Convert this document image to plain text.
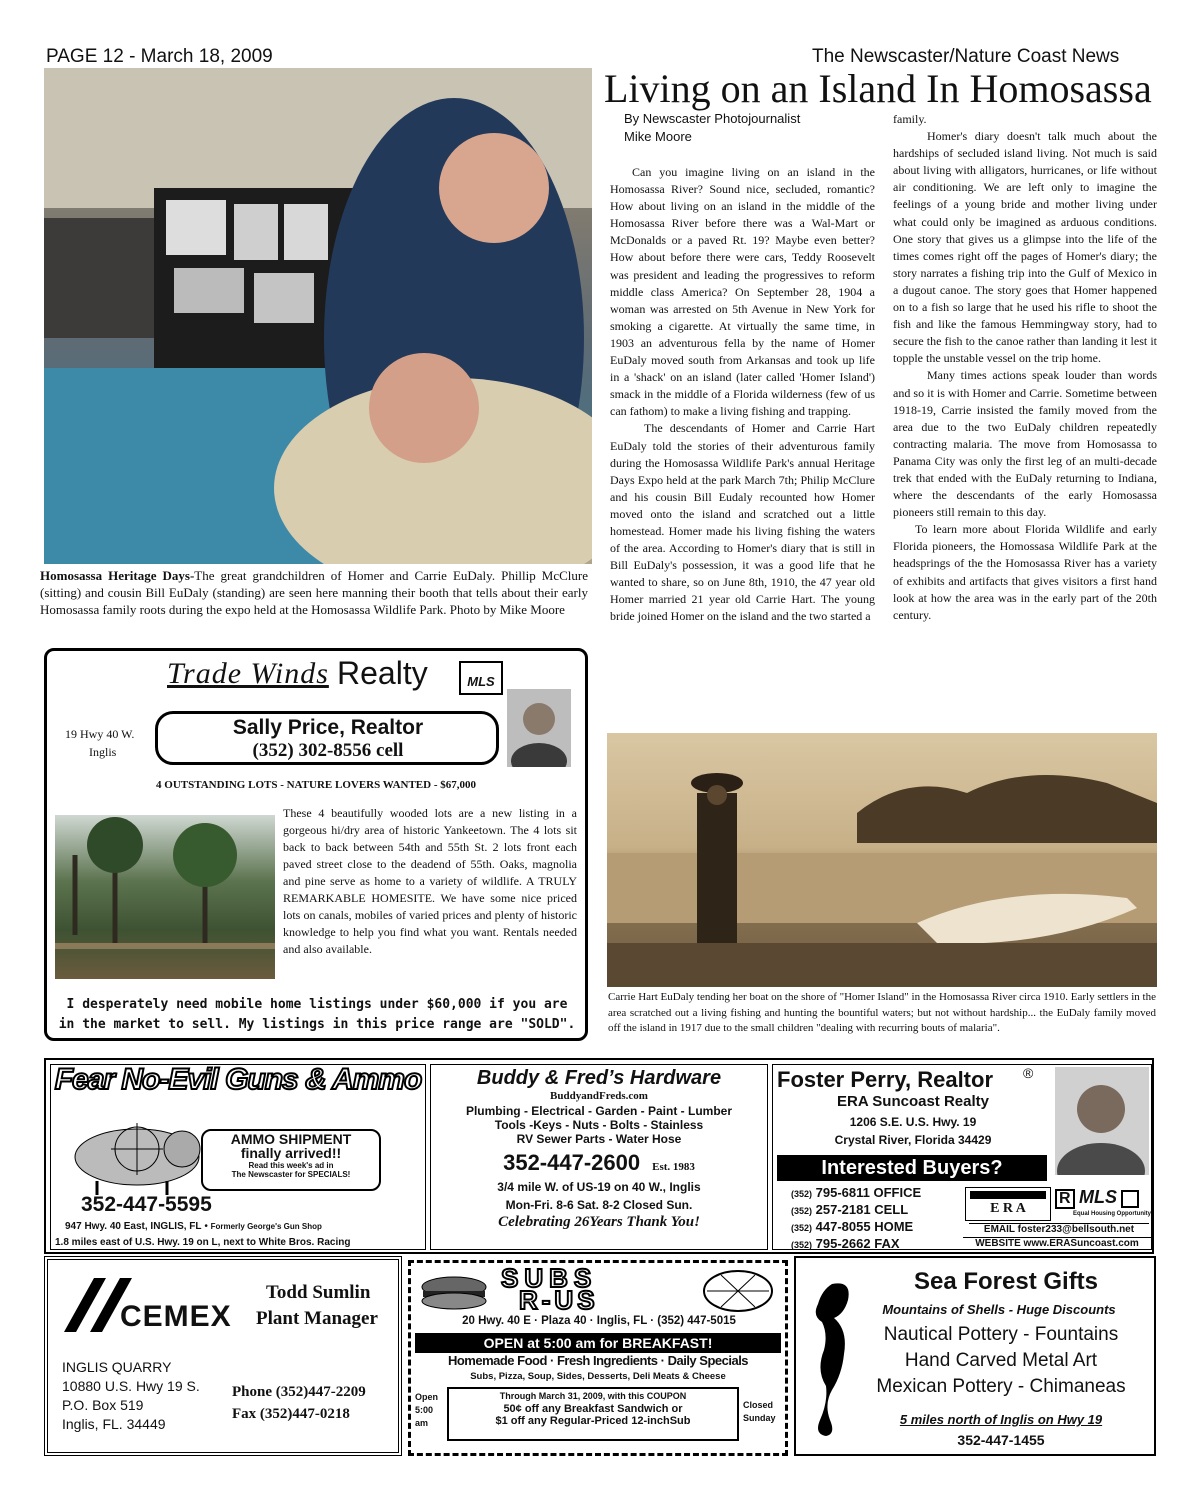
PAGE 12 - March 18, 2009	The Newscaster/Nature Coast News
Homosassa Heritage Days-The great grandchildren of Homer and Carrie EuDaly. Phillip McClure (sitting) and cousin Bill EuDaly (standing) are seen here manning their booth that tells about their early Homosassa family roots during the expo held at the Homosassa Wildlife Park. Photo by Mike Moore
Living on an Island In Homosassa
By Newscaster Photojournalist
Mike Moore

Can you imagine living on an island in the Homosassa River? Sound nice, secluded, romantic? How about living on an island in the middle of the Homosassa River before there was a Wal-Mart or McDonalds or a paved Rt. 19? Maybe even better? How about before there were cars, Teddy Roosevelt was president and leading the progressives to reform middle class America? On September 28, 1904 a woman was arrested on 5th Avenue in New York for smoking a cigarette. At virtually the same time, in 1903 an adventurous fella by the name of Homer EuDaly moved south from Arkansas and took up life in a 'shack' on an island (later called 'Homer Island') smack in the middle of a Florida wilderness (few of us can fathom) to make a living fishing and trapping.

The descendants of Homer and Carrie Hart EuDaly told the stories of their adventurous family during the Homosassa Wildlife Park's annual Heritage Days Expo held at the park March 7th; Philip McClure and his cousin Bill Eudaly recounted how Homer moved onto the island and scratched out a little homestead. Homer made his living fishing the waters of the area. According to Homer's diary that is still in Bill EuDaly's possession, it was a good life that he wanted to share, so on June 8th, 1910, the 47 year old Homer married 21 year old Carrie Hart. The young bride joined Homer on the island and the two started a

family.

Homer's diary doesn't talk much about the hardships of secluded island living. Not much is said about living with alligators, hurricanes, or life without air conditioning. We are left only to imagine the feelings of a young bride and mother living under what could only be imagined as arduous conditions. One story that gives us a glimpse into the life of the times comes right off the pages of Homer's diary; the story narrates a fishing trip into the Gulf of Mexico in a dugout canoe. The story goes that Homer happened on to a fish so large that he used his rifle to shoot the fish and like the famous Hemmingway story, had to secure the fish to the canoe rather than landing it lest it topple the unstable vessel on the trip home.

Many times actions speak louder than words and so it is with Homer and Carrie. Sometime between 1918-19, Carrie insisted the family moved from the area due to the two EuDaly children repeatedly contracting malaria. The move from Homosassa to Panama City was only the first leg of an multi-decade trek that ended with the EuDaly returning to Indiana, where the descendants of the early Homosassa pioneers still remain to this day.

To learn more about Florida Wildlife and early Florida pioneers, the Homossasa Wildlife Park at the headsprings of the the Homosassa River has a variety of exhibits and artifacts that gives visitors a first hand look at how the area was in the early part of the 20th century.

Carrie Hart EuDaly tending her boat on the shore of "Homer Island" in the Homosassa River circa 1910. Early settlers in the area scratched out a living fishing and hunting the bountiful waters; but not without hardship... the EuDaly family moved off the island in 1917 due to the small children "dealing with recurring bouts of malaria".
Trade Winds Realty	MLS
19 Hwy 40 W.
Inglis
Sally Price, Realtor
(352) 302-8556 cell
4 OUTSTANDING LOTS - NATURE LOVERS WANTED - $67,000
These 4 beautifully wooded lots are a new listing in a gorgeous hi/dry area of historic Yankeetown. The 4 lots sit back to back between 54th and 55th St. 2 lots front each paved street close to the deadend of 55th. Oaks, magnolia and pine serve as home to a variety of wildlife. A TRULY REMARKABLE HOMESITE. We have some nice priced lots on canals, mobiles of varied prices and plenty of historic knowledge to help you find what you want. Rentals needed and also available.
I desperately need mobile home listings under $60,000 if you are in the market to sell. My listings in this price range are "SOLD".
Fear No-Evil Guns & Ammo
AMMO SHIPMENT
finally arrived!!
Read this week's ad in
The Newscaster for SPECIALS!
352-447-5595
947 Hwy. 40 East, INGLIS, FL • Formerly George's Gun Shop
1.8 miles east of U.S. Hwy. 19 on L, next to White Bros. Racing
Buddy & Fred’s Hardware
BuddyandFreds.com
Plumbing - Electrical - Garden - Paint - Lumber
Tools -Keys - Nuts - Bolts - Stainless
RV Sewer Parts - Water Hose
352-447-2600 Est. 1983
3/4 mile W. of US-19 on 40 W., Inglis
Mon-Fri. 8-6 Sat. 8-2 Closed Sun.
Celebrating 26Years Thank You!
Foster Perry, Realtor ®
ERA Suncoast Realty
1206 S.E. U.S. Hwy. 19
Crystal River, Florida 34429
Interested Buyers?
(352) 795-6811 OFFICE
(352) 257-2181 CELL
(352) 447-8055 HOME
(352) 795-2662 FAX
E R A
R MLS
Equal Housing Opportunity
EMAIL foster233@bellsouth.net
WEBSITE www.ERASuncoast.com
CEMEX
Todd Sumlin
Plant Manager
INGLIS QUARRY
10880 U.S. Hwy 19 S.
P.O. Box 519
Inglis, FL. 34449
Phone (352)447-2209
Fax (352)447-0218
SUBS
R-US
20 Hwy. 40 E · Plaza 40 · Inglis, FL · (352) 447-5015
OPEN at 5:00 am for BREAKFAST!
Homemade Food · Fresh Ingredients · Daily Specials
Subs, Pizza, Soup, Sides, Desserts, Deli Meats & Cheese
Open
5:00
am
Through March 31, 2009, with this COUPON
50¢ off any Breakfast Sandwich or
$1 off any Regular-Priced 12-inchSub
Closed
Sunday
Sea Forest Gifts
Mountains of Shells - Huge Discounts
Nautical Pottery - Fountains
Hand Carved Metal Art
Mexican Pottery - Chimaneas
5 miles north of Inglis on Hwy 19
352-447-1455
